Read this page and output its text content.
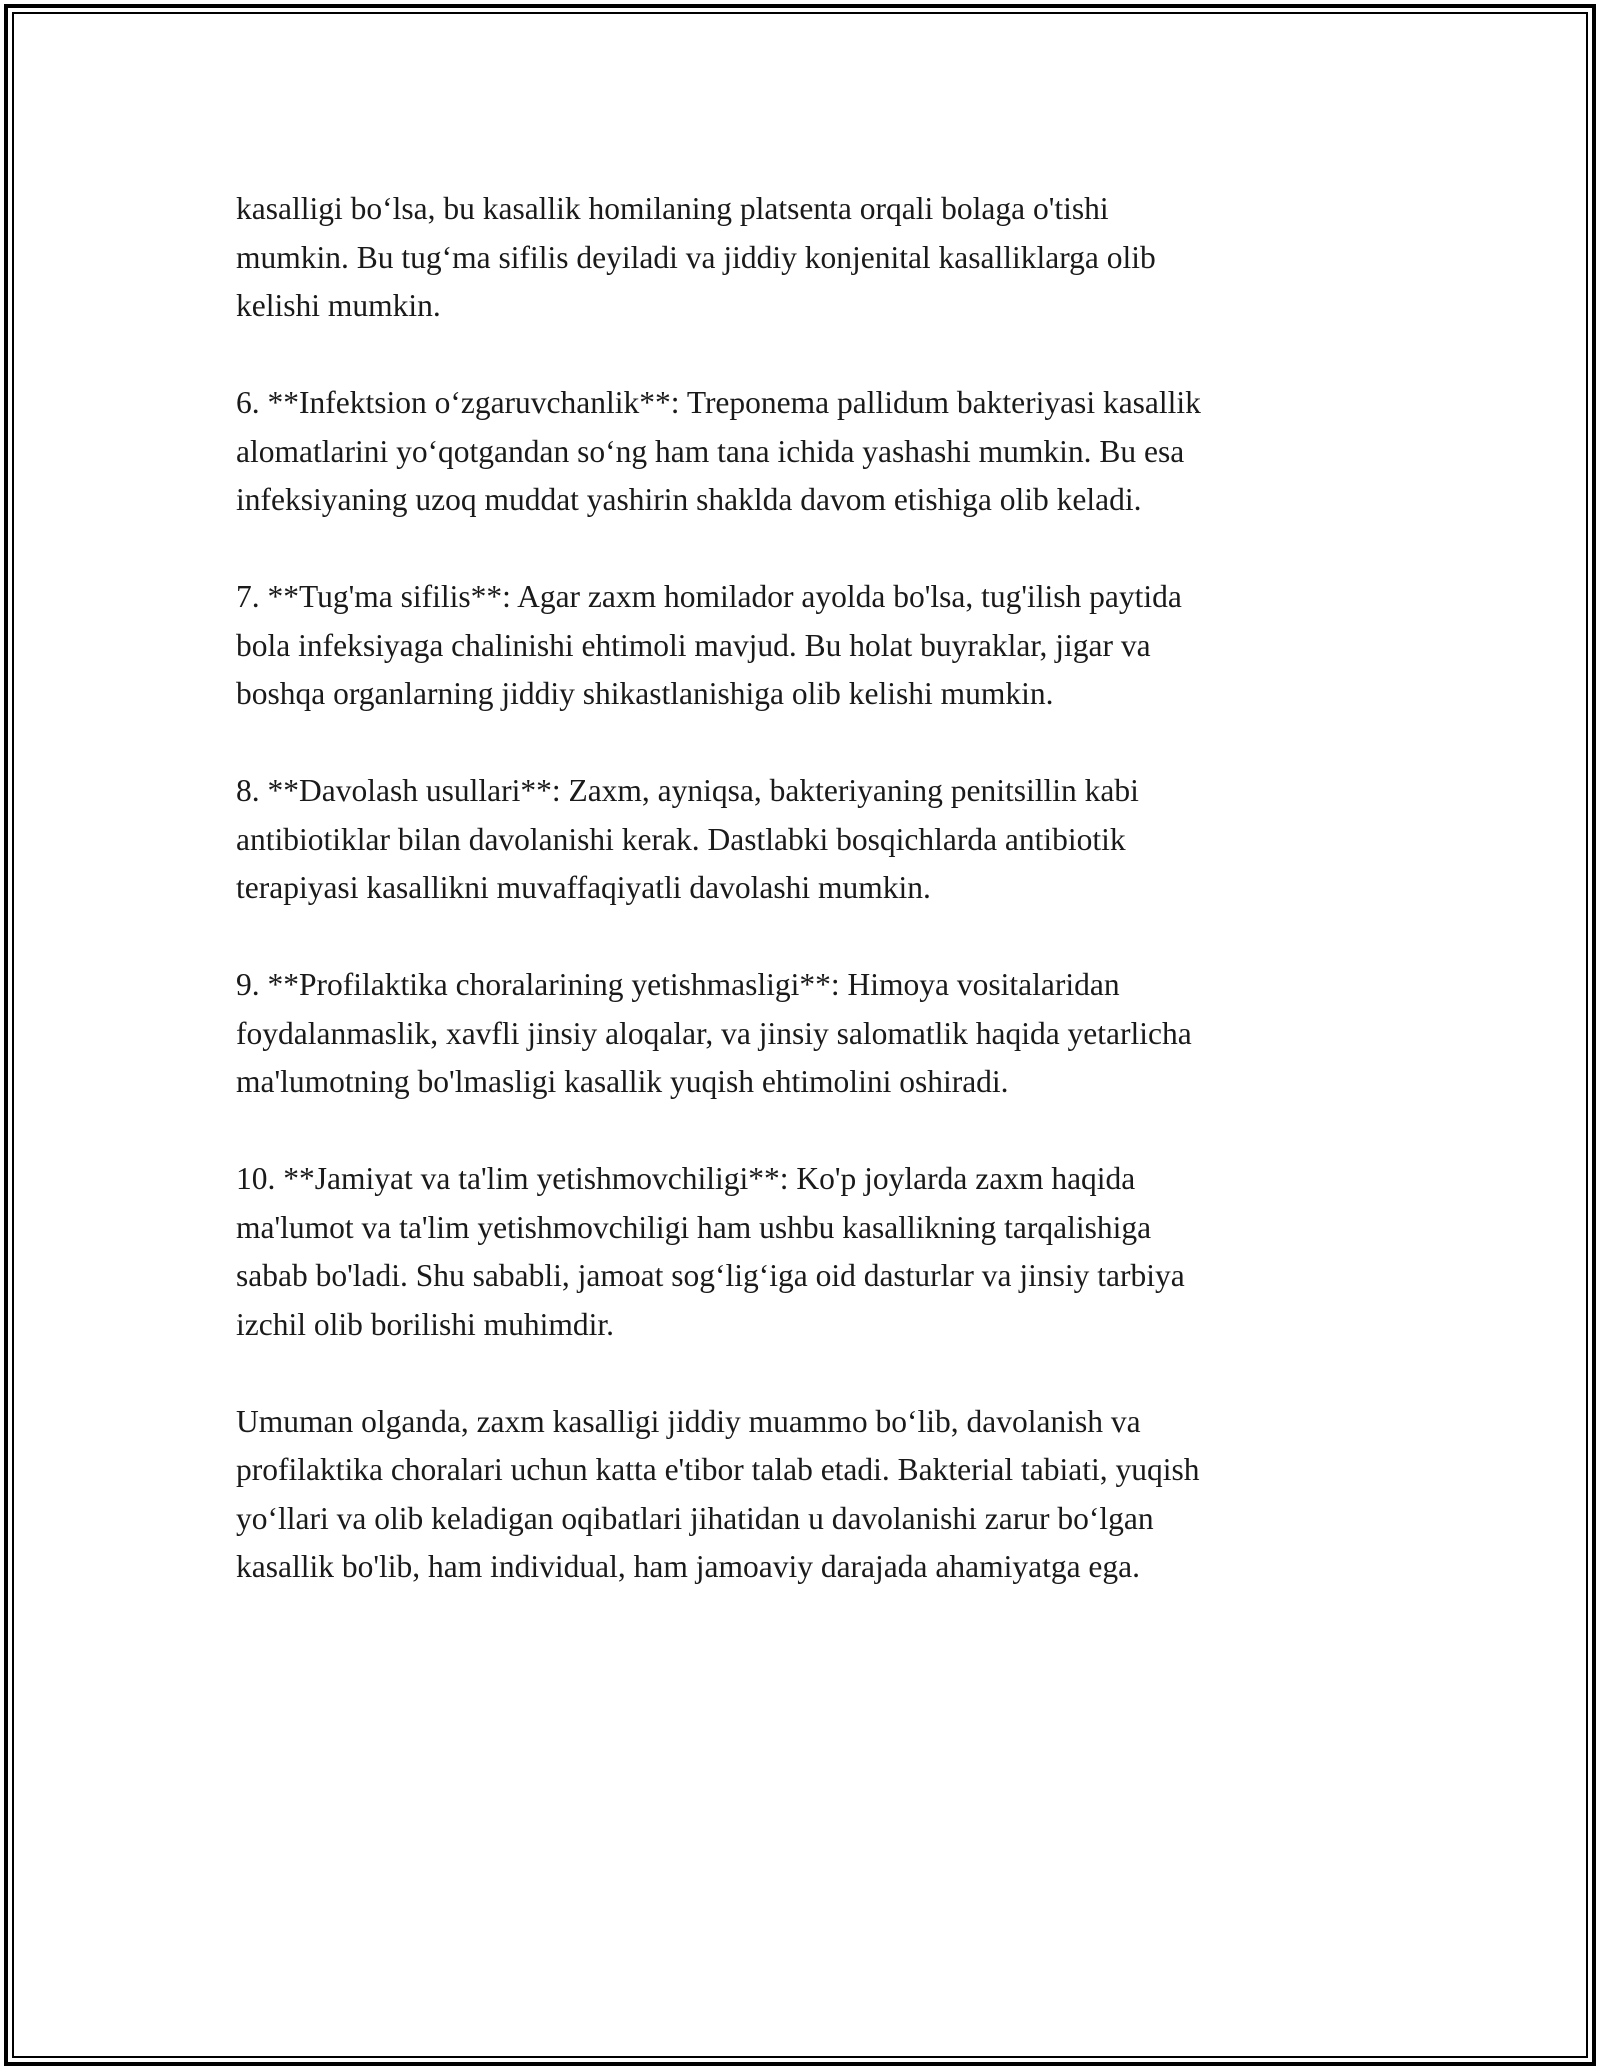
kasalligi bo‘lsa, bu kasallik homilaning platsenta orqali bolaga o'tishi
mumkin. Bu tug‘ma sifilis deyiladi va jiddiy konjenital kasalliklarga olib
kelishi mumkin.

6. **Infektsion o‘zgaruvchanlik**: Treponema pallidum bakteriyasi kasallik
alomatlarini yo‘qotgandan so‘ng ham tana ichida yashashi mumkin. Bu esa
infeksiyaning uzoq muddat yashirin shaklda davom etishiga olib keladi.

7. **Tug'ma sifilis**: Agar zaxm homilador ayolda bo'lsa, tug'ilish paytida
bola infeksiyaga chalinishi ehtimoli mavjud. Bu holat buyraklar, jigar va
boshqa organlarning jiddiy shikastlanishiga olib kelishi mumkin.

8. **Davolash usullari**: Zaxm, ayniqsa, bakteriyaning penitsillin kabi
antibiotiklar bilan davolanishi kerak. Dastlabki bosqichlarda antibiotik
terapiyasi kasallikni muvaffaqiyatli davolashi mumkin.

9. **Profilaktika choralarining yetishmasligi**: Himoya vositalaridan
foydalanmaslik, xavfli jinsiy aloqalar, va jinsiy salomatlik haqida yetarlicha
ma'lumotning bo'lmasligi kasallik yuqish ehtimolini oshiradi.

10. **Jamiyat va ta'lim yetishmovchiligi**: Ko'p joylarda zaxm haqida
ma'lumot va ta'lim yetishmovchiligi ham ushbu kasallikning tarqalishiga
sabab bo'ladi. Shu sababli, jamoat sog‘lig‘iga oid dasturlar va jinsiy tarbiya
izchil olib borilishi muhimdir.

Umuman olganda, zaxm kasalligi jiddiy muammo bo‘lib, davolanish va
profilaktika choralari uchun katta e'tibor talab etadi. Bakterial tabiati, yuqish
yo‘llari va olib keladigan oqibatlari jihatidan u davolanishi zarur bo‘lgan
kasallik bo'lib, ham individual, ham jamoaviy darajada ahamiyatga ega.
